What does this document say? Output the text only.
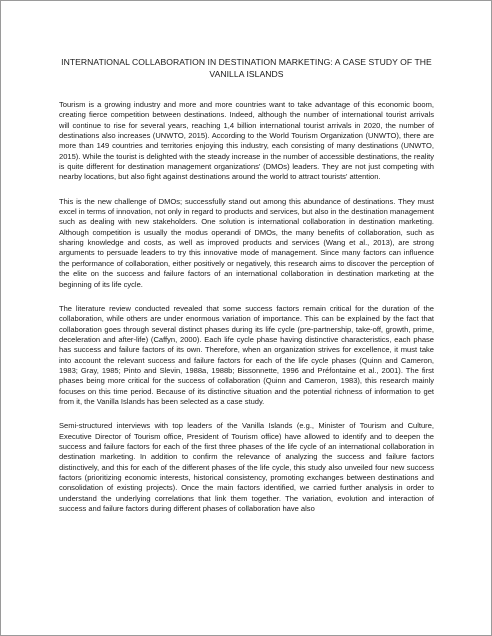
INTERNATIONAL COLLABORATION IN DESTINATION MARKETING: A CASE STUDY OF THE VANILLA ISLANDS

Tourism is a growing industry and more and more countries want to take advantage of this economic boom, creating fierce competition between destinations. Indeed, although the number of international tourist arrivals will continue to rise for several years, reaching 1,4 billion international tourist arrivals in 2020, the number of destinations also increases (UNWTO, 2015). According to the World Tourism Organization (UNWTO), there are more than 149 countries and territories enjoying this industry, each consisting of many destinations (UNWTO, 2015). While the tourist is delighted with the steady increase in the number of accessible destinations, the reality is quite different for destination management organizations' (DMOs) leaders. They are not just competing with nearby locations, but also fight against destinations around the world to attract tourists' attention.

This is the new challenge of DMOs; successfully stand out among this abundance of destinations. They must excel in terms of innovation, not only in regard to products and services, but also in the destination management such as dealing with new stakeholders. One solution is international collaboration in destination marketing. Although competition is usually the modus operandi of DMOs, the many benefits of collaboration, such as sharing knowledge and costs, as well as improved products and services (Wang et al., 2013), are strong arguments to persuade leaders to try this innovative mode of management. Since many factors can influence the performance of collaboration, either positively or negatively, this research aims to discover the perception of the elite on the success and failure factors of an international collaboration in destination marketing at the beginning of its life cycle.

The literature review conducted revealed that some success factors remain critical for the duration of the collaboration, while others are under enormous variation of importance. This can be explained by the fact that collaboration goes through several distinct phases during its life cycle (pre-partnership, take-off, growth, prime, deceleration and after-life) (Caffyn, 2000). Each life cycle phase having distinctive characteristics, each phase has success and failure factors of its own. Therefore, when an organization strives for excellence, it must take into account the relevant success and failure factors for each of the life cycle phases (Quinn and Cameron, 1983; Gray, 1985; Pinto and Slevin, 1988a, 1988b; Bissonnette, 1996 and Préfontaine et al., 2001). The first phases being more critical for the success of collaboration (Quinn and Cameron, 1983), this research mainly focuses on this time period. Because of its distinctive situation and the potential richness of information to get from it, the Vanilla Islands has been selected as a case study.

Semi-structured interviews with top leaders of the Vanilla Islands (e.g., Minister of Tourism and Culture, Executive Director of Tourism office, President of Tourism office) have allowed to identify and to deepen the success and failure factors for each of the first three phases of the life cycle of an international collaboration in destination marketing. In addition to confirm the relevance of analyzing the success and failure factors distinctively, and this for each of the different phases of the life cycle, this study also unveiled four new success factors (prioritizing economic interests, historical consistency, promoting exchanges between destinations and consolidation of existing projects). Once the main factors identified, we carried further analysis in order to understand the underlying correlations that link them together. The variation, evolution and interaction of success and failure factors during different phases of collaboration have also
